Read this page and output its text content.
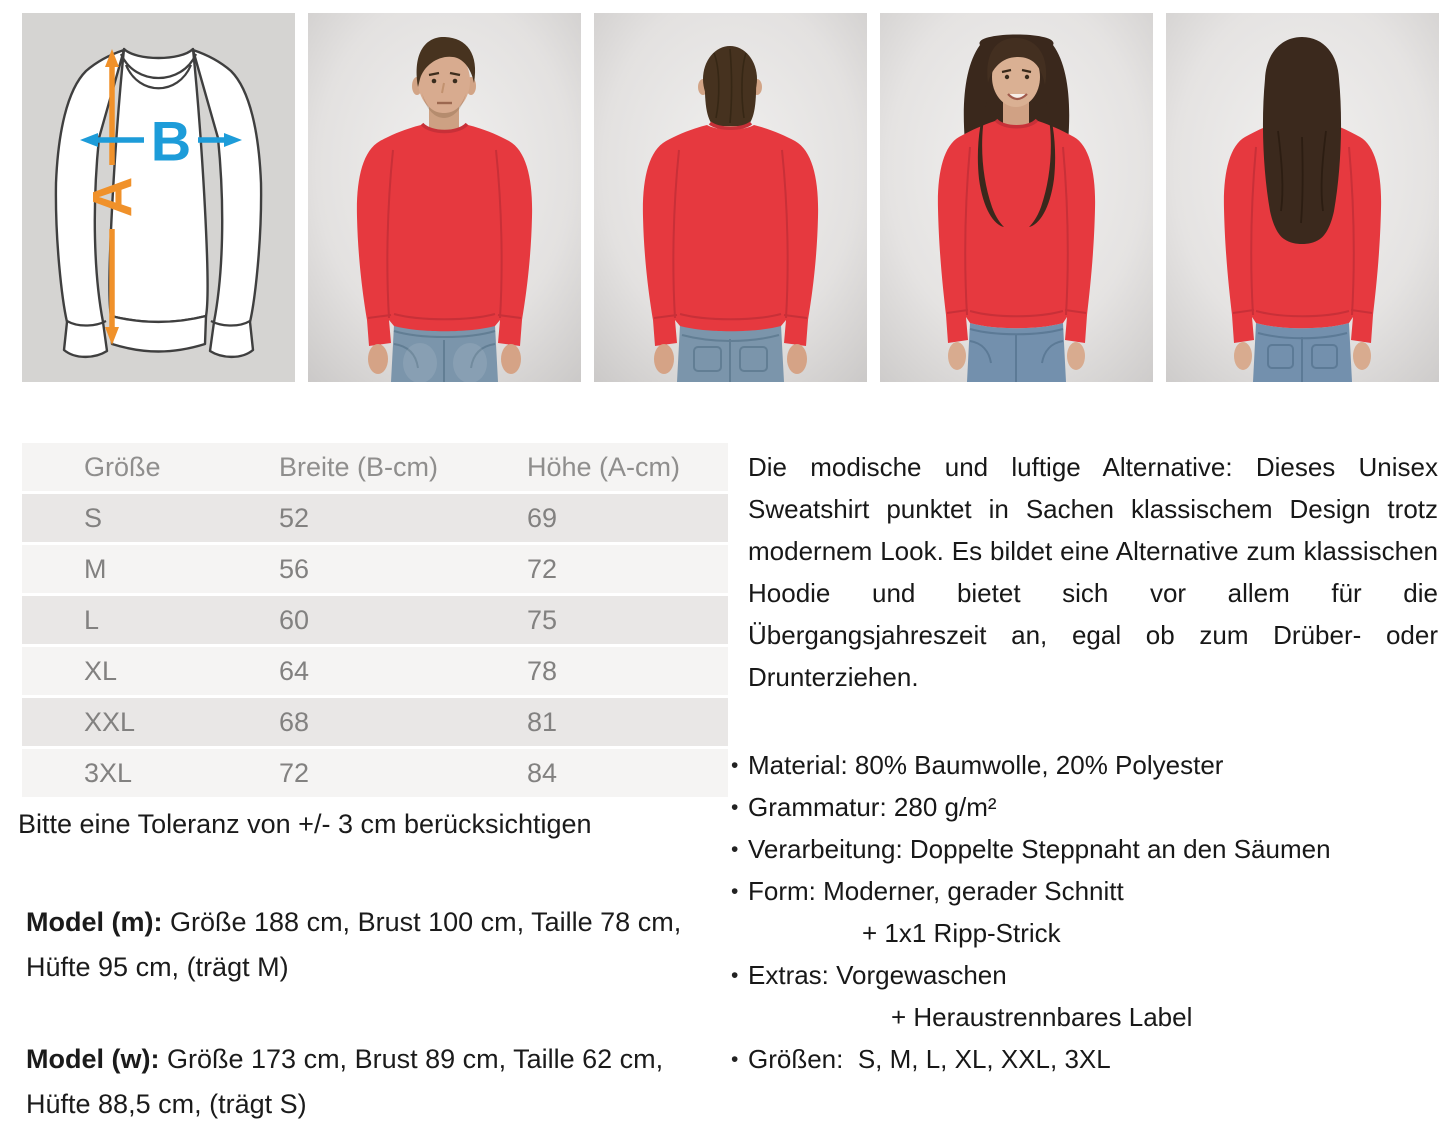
A
B
Größe	Breite (B-cm)	Höhe (A-cm)
S	52	69
M	56	72
L	60	75
XL	64	78
XXL	68	81
3XL	72	84

Bitte eine Toleranz von +/- 3 cm berücksichtigen

Model (m): Größe 188 cm, Brust 100 cm, Taille 78 cm, Hüfte 95 cm, (trägt M)

Model (w): Größe 173 cm, Brust 89 cm, Taille 62 cm, Hüfte 88,5 cm, (trägt S)

Die modische und luftige Alternative: Dieses Unisex Sweatshirt punktet in Sachen klassischem Design trotz modernem Look. Es bildet eine Alternative zum klassischen Hoodie und bietet sich vor allem für die Übergangsjahreszeit an, egal ob zum Drüber- oder Drunterziehen.

• Material: 80% Baumwolle, 20% Polyester
• Grammatur: 280 g/m²
• Verarbeitung: Doppelte Steppnaht an den Säumen
• Form: Moderner, gerader Schnitt
+ 1x1 Ripp-Strick
• Extras: Vorgewaschen
+ Heraustrennbares Label
• Größen:  S, M, L, XL, XXL, 3XL
